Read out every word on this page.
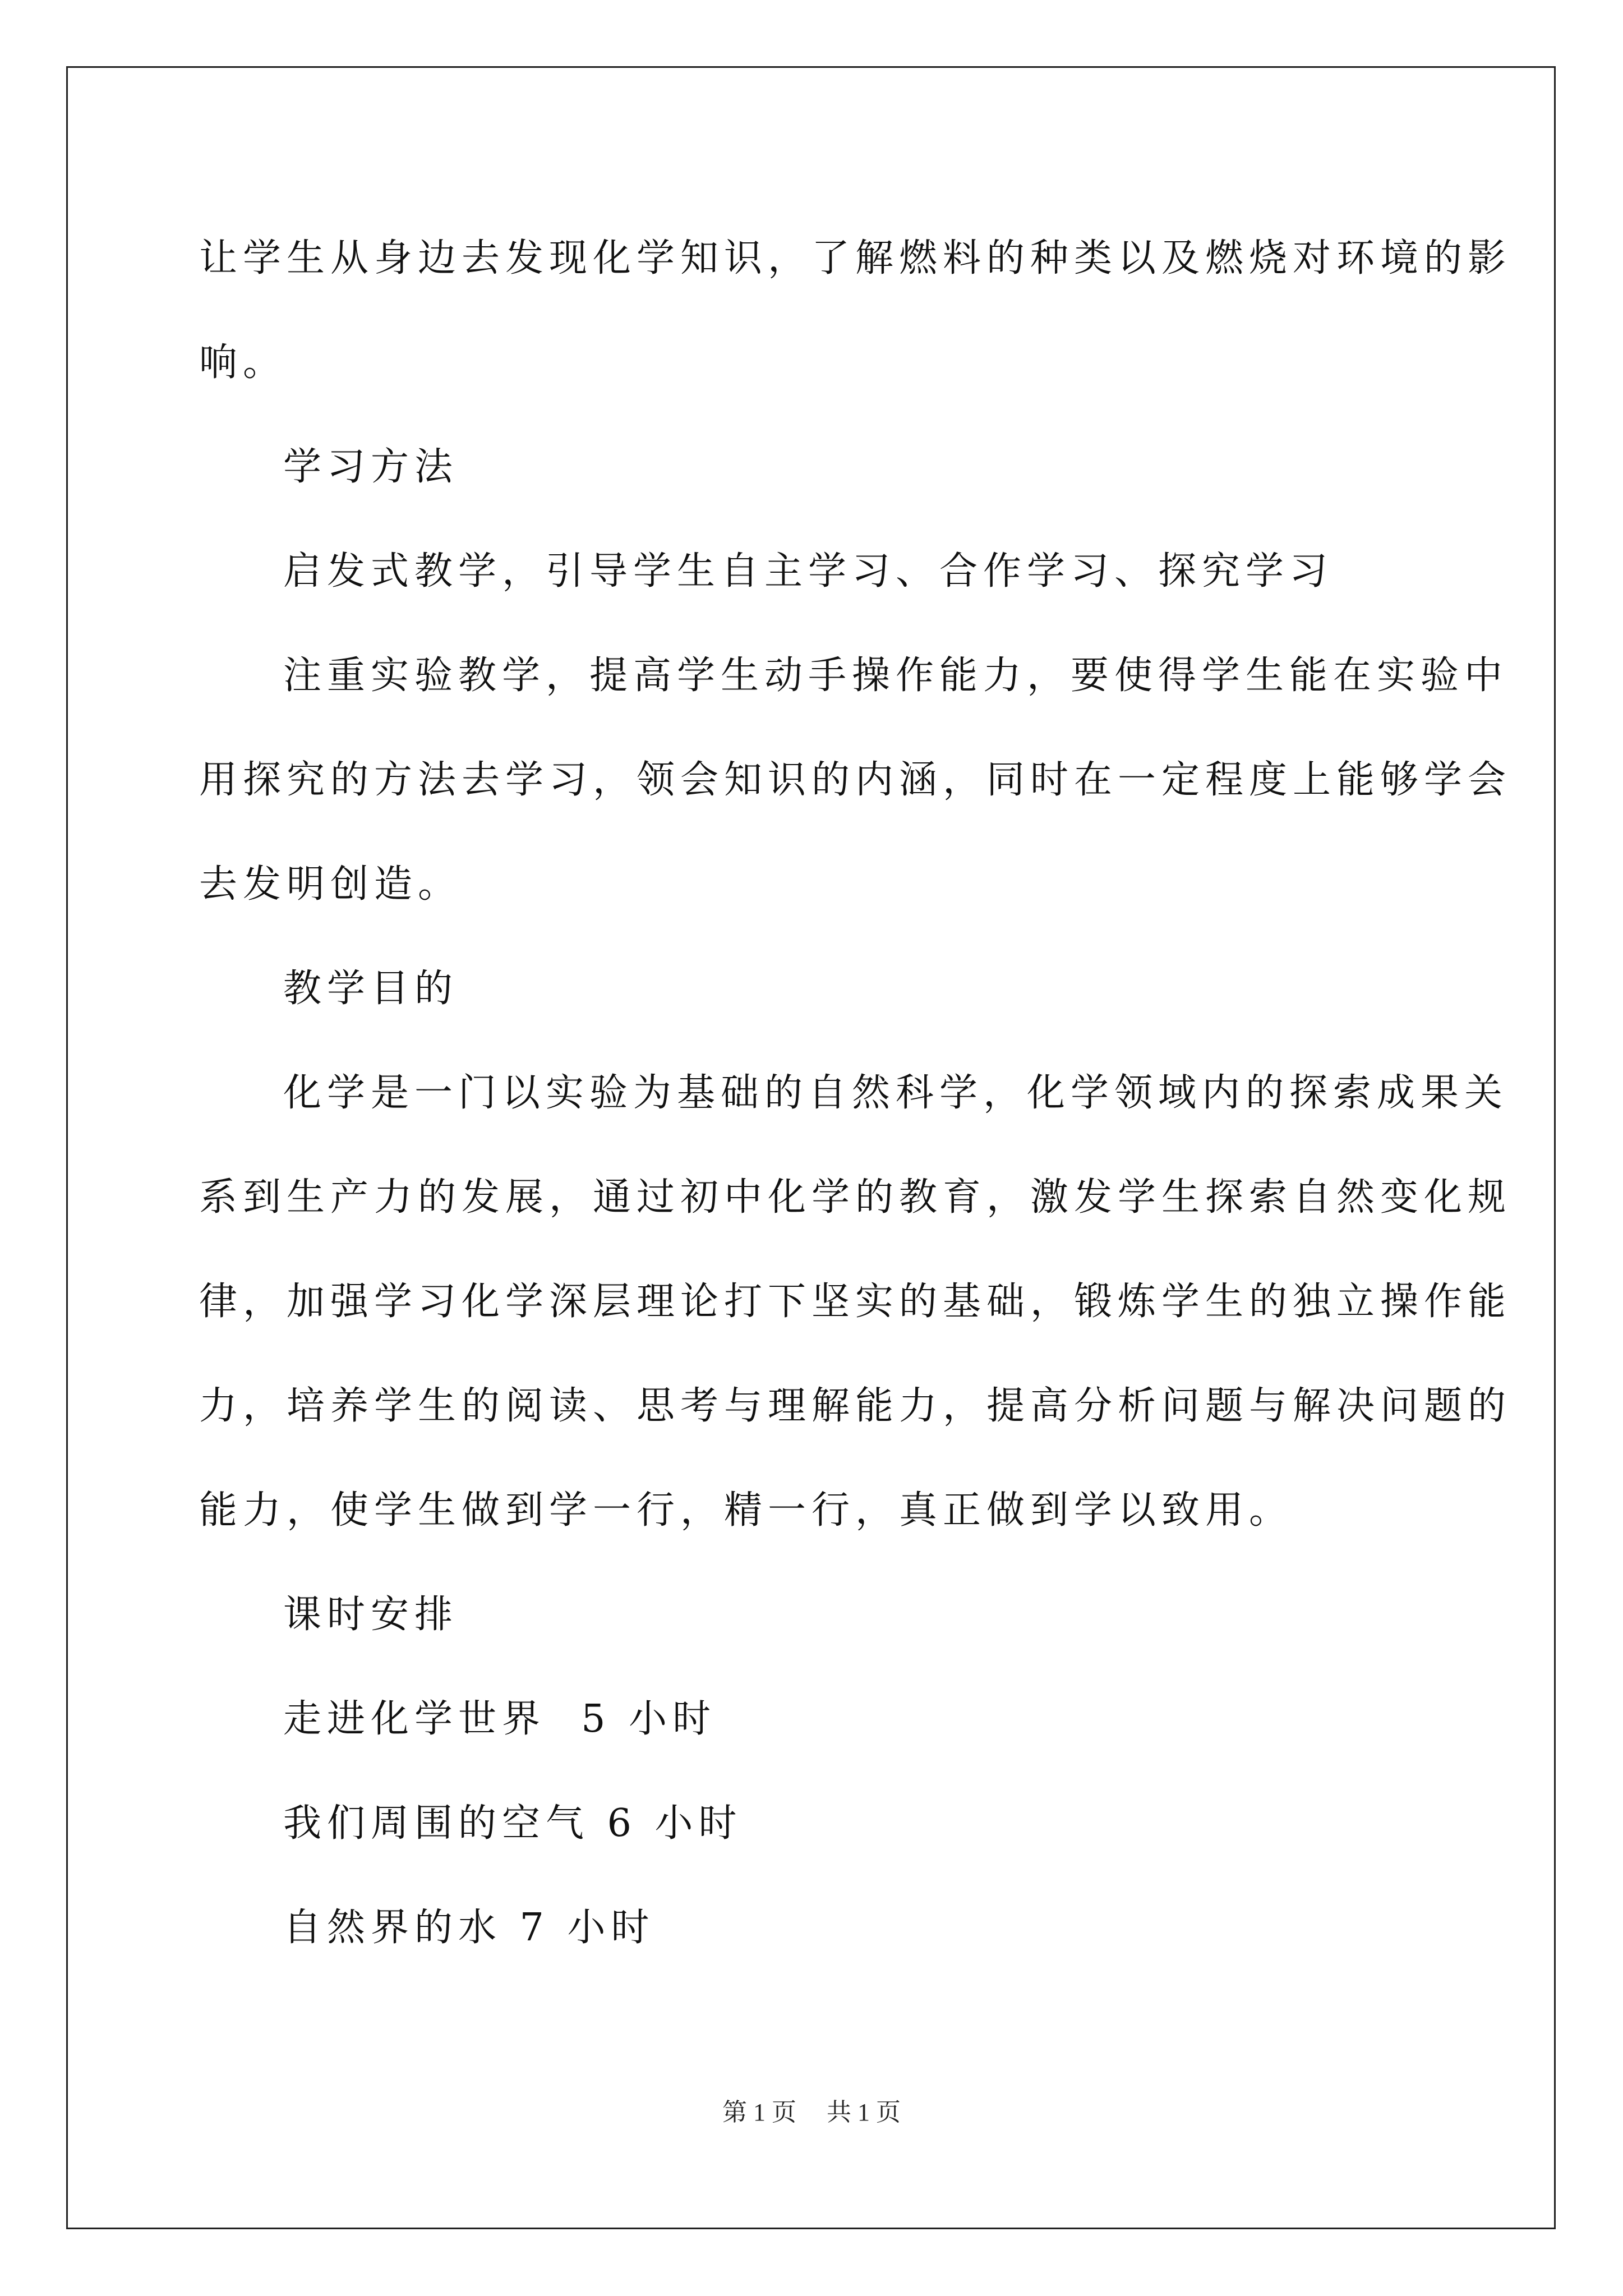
让学生从身边去发现化学知识，了解燃料的种类以及燃烧对环境的影

响。

学习方法

启发式教学，引导学生自主学习、合作学习、探究学习

注重实验教学，提高学生动手操作能力，要使得学生能在实验中

用探究的方法去学习，领会知识的内涵，同时在一定程度上能够学会

去发明创造。

教学目的

化学是一门以实验为基础的自然科学，化学领域内的探索成果关

系到生产力的发展，通过初中化学的教育，激发学生探索自然变化规

律，加强学习化学深层理论打下坚实的基础，锻炼学生的独立操作能

力，培养学生的阅读、思考与理解能力，提高分析问题与解决问题的

能力，使学生做到学一行，精一行，真正做到学以致用。

课时安排

走进化学世界  5 小时

我们周围的空气 6 小时

自然界的水 7 小时

第 1 页 共 1 页
